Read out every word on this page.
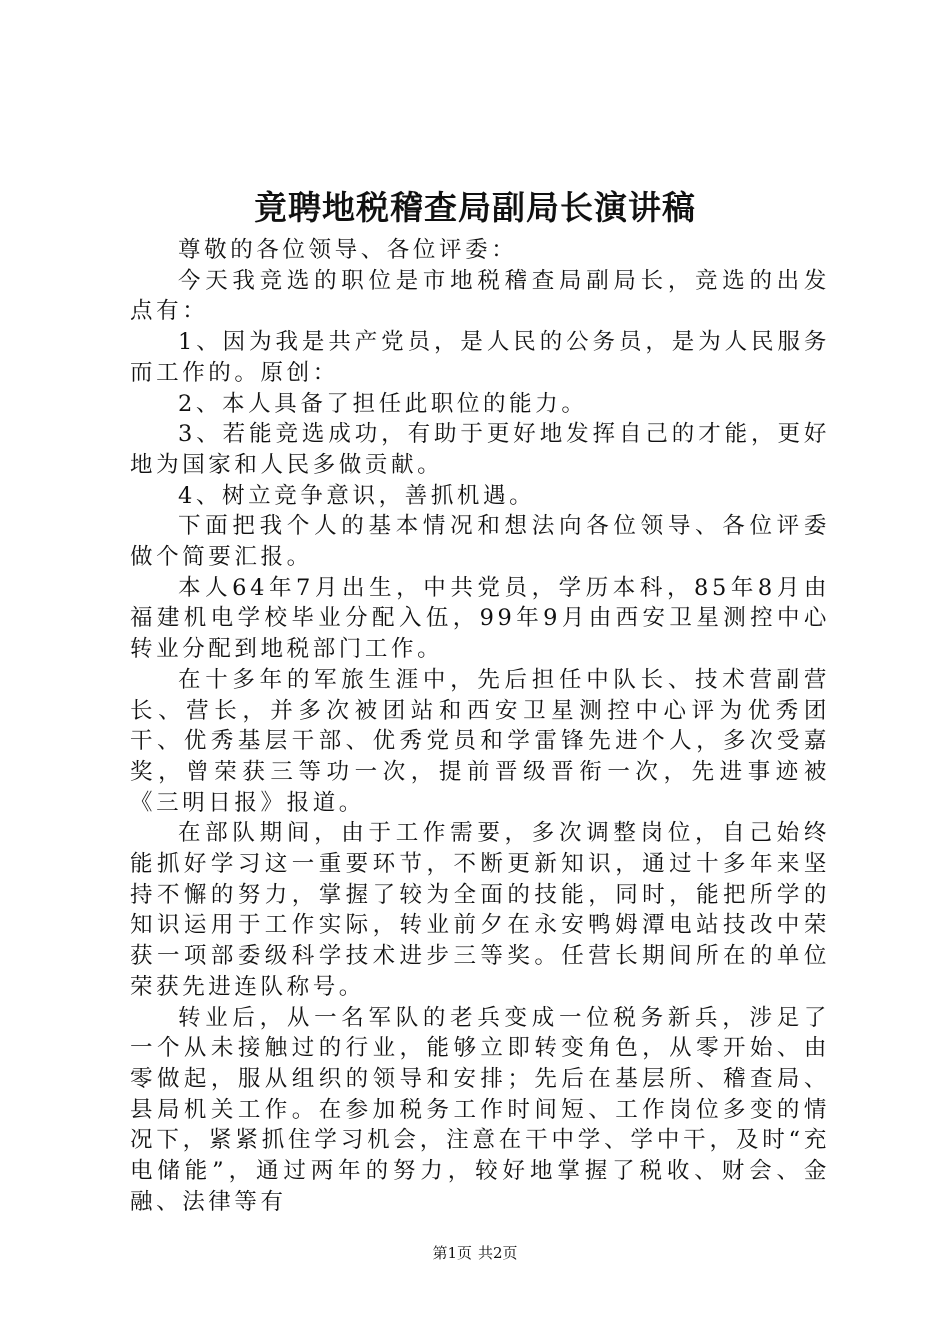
竟聘地税稽查局副局长演讲稿

尊敬的各位领导、各位评委：

今天我竞选的职位是市地税稽查局副局长，竞选的出发点有：

1、因为我是共产党员，是人民的公务员，是为人民服务而工作的。原创：

2、本人具备了担任此职位的能力。

3、若能竞选成功，有助于更好地发挥自己的才能，更好地为国家和人民多做贡献。

4、树立竞争意识，善抓机遇。

下面把我个人的基本情况和想法向各位领导、各位评委做个简要汇报。

本人64年7月出生，中共党员，学历本科，85年8月由福建机电学校毕业分配入伍，99年9月由西安卫星测控中心转业分配到地税部门工作。

在十多年的军旅生涯中，先后担任中队长、技术营副营长、营长，并多次被团站和西安卫星测控中心评为优秀团干、优秀基层干部、优秀党员和学雷锋先进个人，多次受嘉奖，曾荣获三等功一次，提前晋级晋衔一次，先进事迹被《三明日报》报道。

在部队期间，由于工作需要，多次调整岗位，自己始终能抓好学习这一重要环节，不断更新知识，通过十多年来坚持不懈的努力，掌握了较为全面的技能，同时，能把所学的知识运用于工作实际，转业前夕在永安鸭姆潭电站技改中荣获一项部委级科学技术进步三等奖。任营长期间所在的单位荣获先进连队称号。

转业后，从一名军队的老兵变成一位税务新兵，涉足了一个从未接触过的行业，能够立即转变角色，从零开始、由零做起，服从组织的领导和安排；先后在基层所、稽查局、县局机关工作。在参加税务工作时间短、工作岗位多变的情况下，紧紧抓住学习机会，注意在干中学、学中干，及时“充电储能”，通过两年的努力，较好地掌握了税收、财会、金融、法律等有

第1页 共2页
